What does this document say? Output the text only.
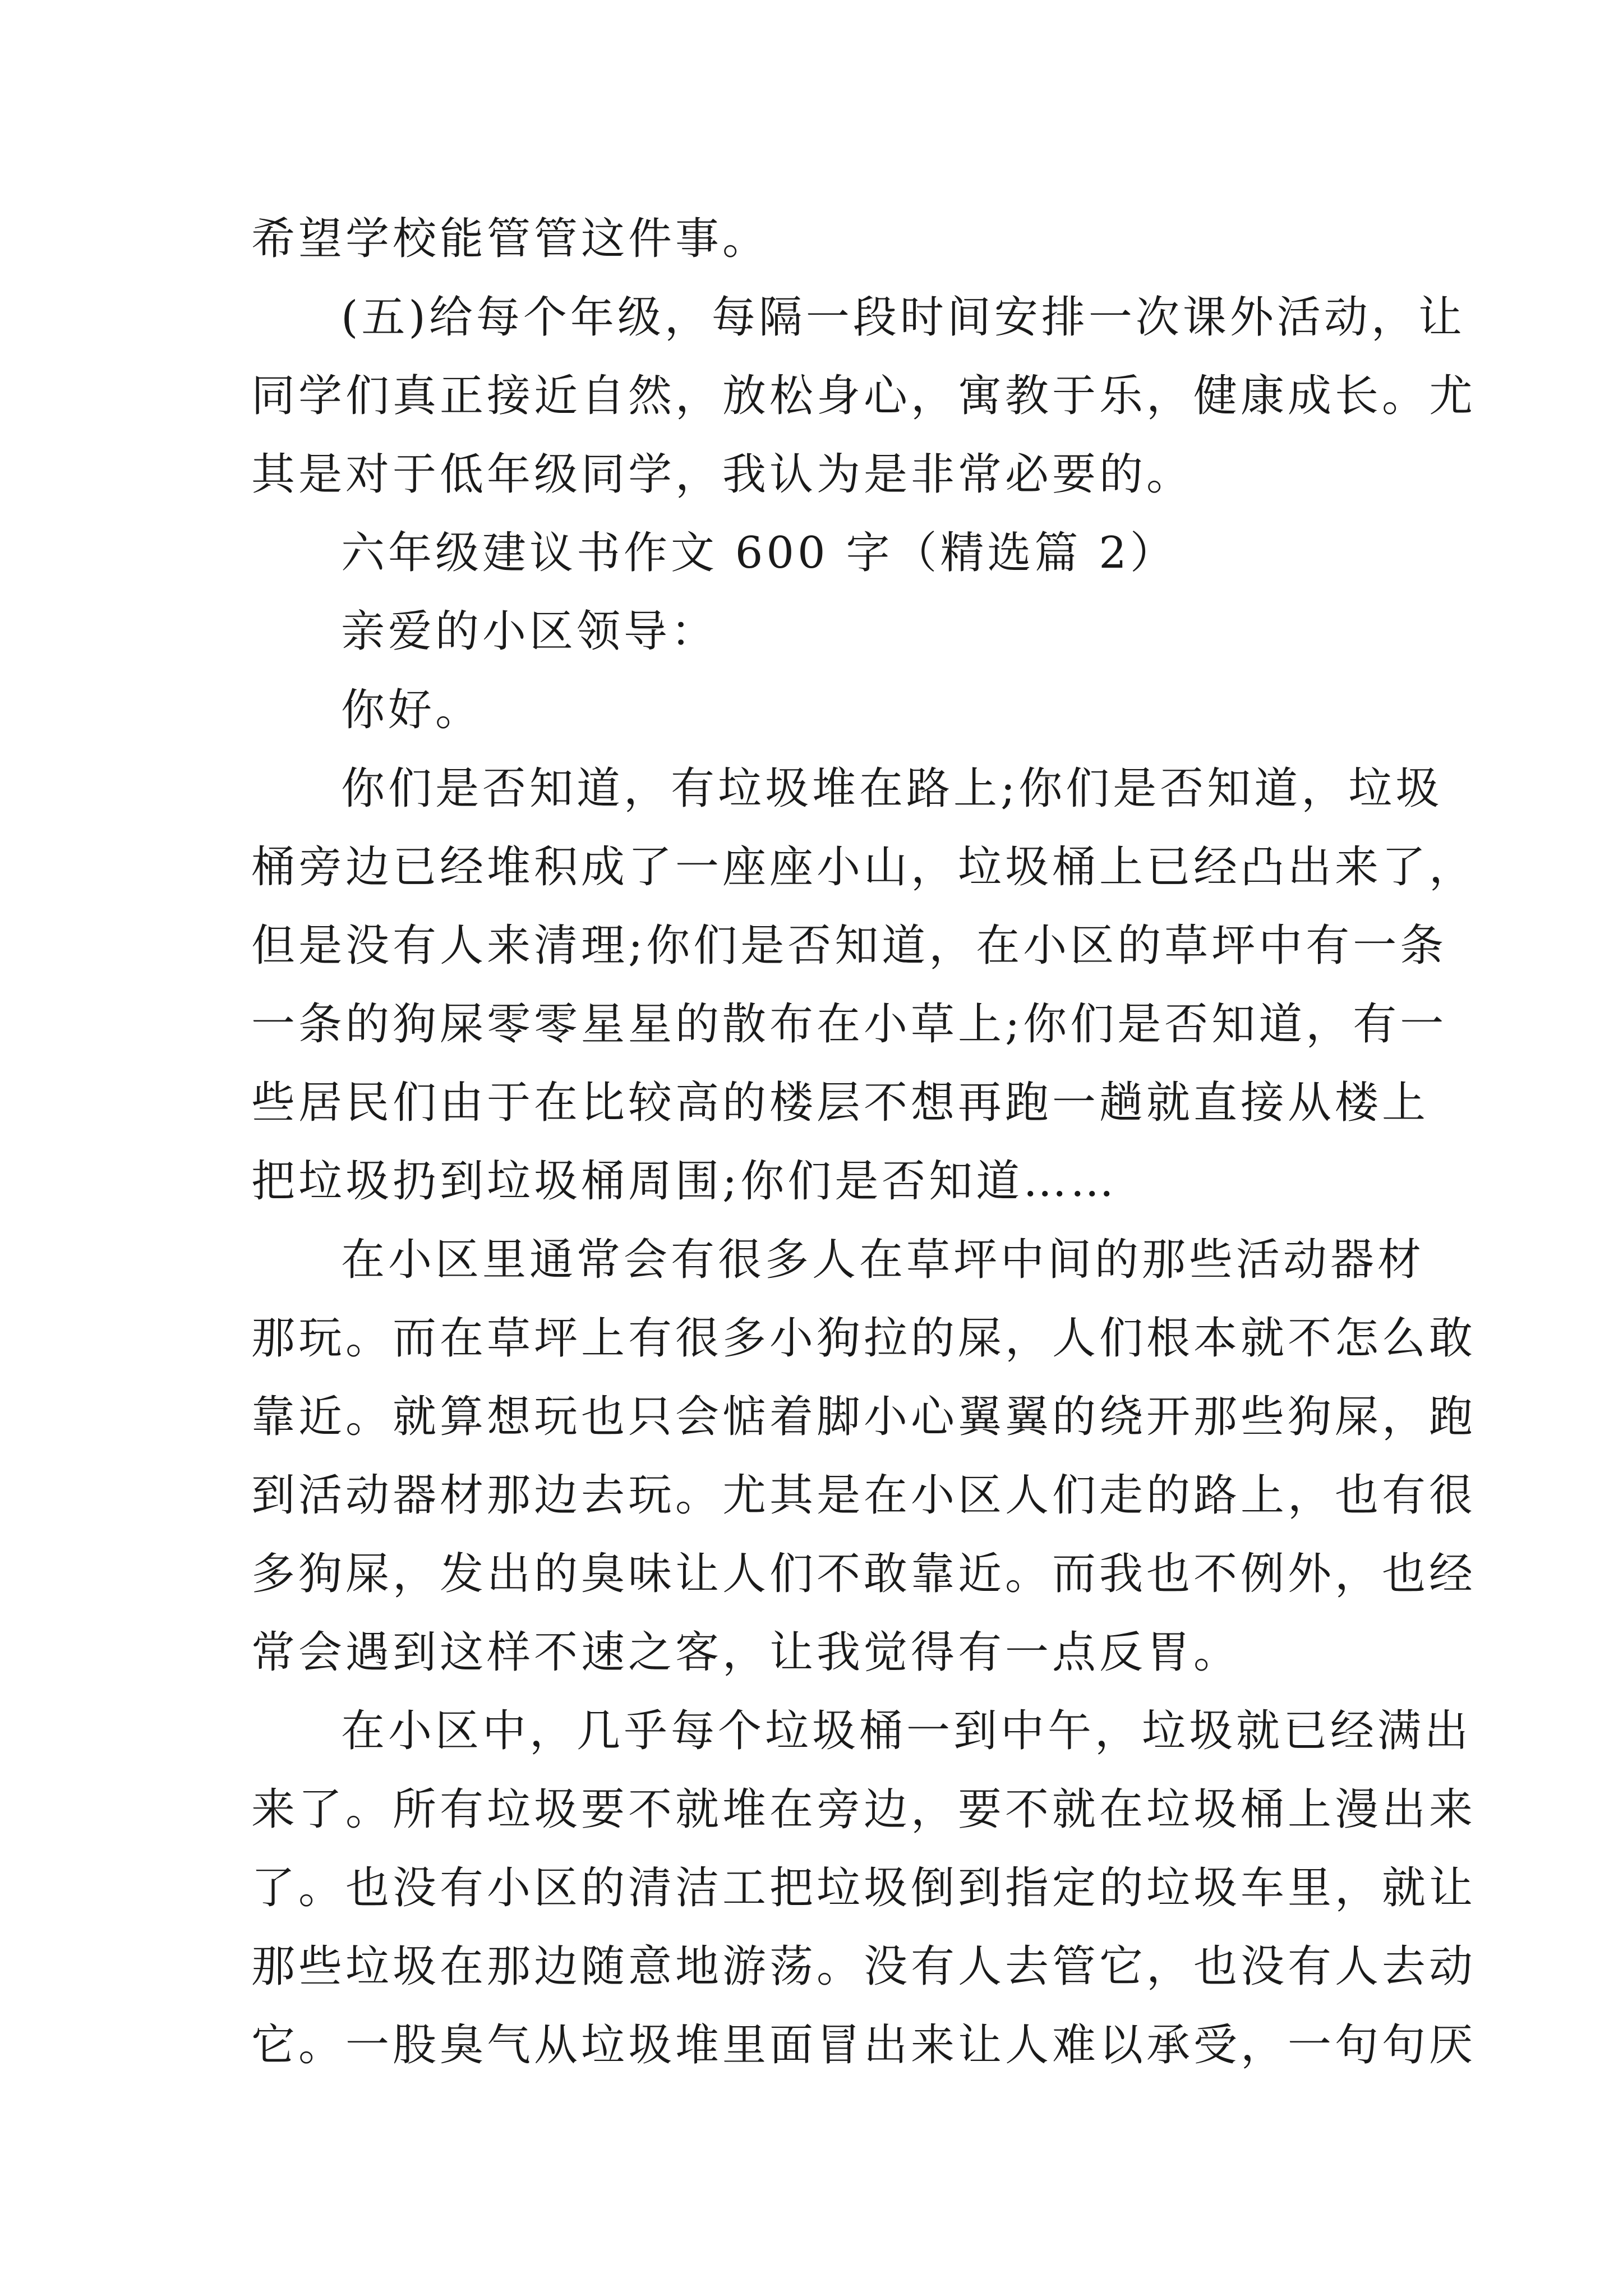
希望学校能管管这件事。
(五)给每个年级，每隔一段时间安排一次课外活动，让
同学们真正接近自然，放松身心，寓教于乐，健康成长。尤
其是对于低年级同学，我认为是非常必要的。
六年级建议书作文 600 字（精选篇 2）
亲爱的小区领导：
你好。
你们是否知道，有垃圾堆在路上;你们是否知道，垃圾
桶旁边已经堆积成了一座座小山，垃圾桶上已经凸出来了，
但是没有人来清理;你们是否知道，在小区的草坪中有一条
一条的狗屎零零星星的散布在小草上;你们是否知道，有一
些居民们由于在比较高的楼层不想再跑一趟就直接从楼上
把垃圾扔到垃圾桶周围;你们是否知道……
在小区里通常会有很多人在草坪中间的那些活动器材
那玩。而在草坪上有很多小狗拉的屎，人们根本就不怎么敢
靠近。就算想玩也只会惦着脚小心翼翼的绕开那些狗屎，跑
到活动器材那边去玩。尤其是在小区人们走的路上，也有很
多狗屎，发出的臭味让人们不敢靠近。而我也不例外，也经
常会遇到这样不速之客，让我觉得有一点反胃。
在小区中，几乎每个垃圾桶一到中午，垃圾就已经满出
来了。所有垃圾要不就堆在旁边，要不就在垃圾桶上漫出来
了。也没有小区的清洁工把垃圾倒到指定的垃圾车里，就让
那些垃圾在那边随意地游荡。没有人去管它，也没有人去动
它。一股臭气从垃圾堆里面冒出来让人难以承受，一句句厌
